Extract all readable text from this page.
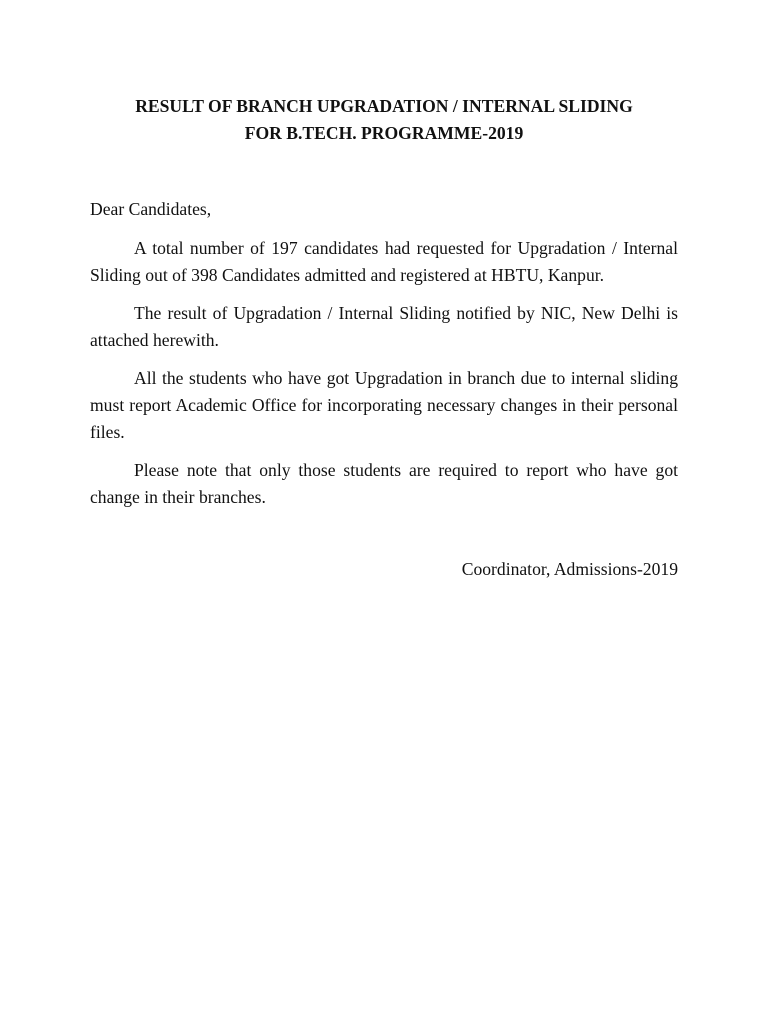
RESULT OF BRANCH UPGRADATION / INTERNAL SLIDING
FOR B.TECH. PROGRAMME-2019

Dear Candidates,

A total number of 197 candidates had requested for Upgradation / Internal Sliding out of 398 Candidates admitted and registered at HBTU, Kanpur.

The result of Upgradation / Internal Sliding notified by NIC, New Delhi is attached herewith.

All the students who have got Upgradation in branch due to internal sliding must report Academic Office for incorporating necessary changes in their personal files.

Please note that only those students are required to report who have got change in their branches.

Coordinator, Admissions-2019
